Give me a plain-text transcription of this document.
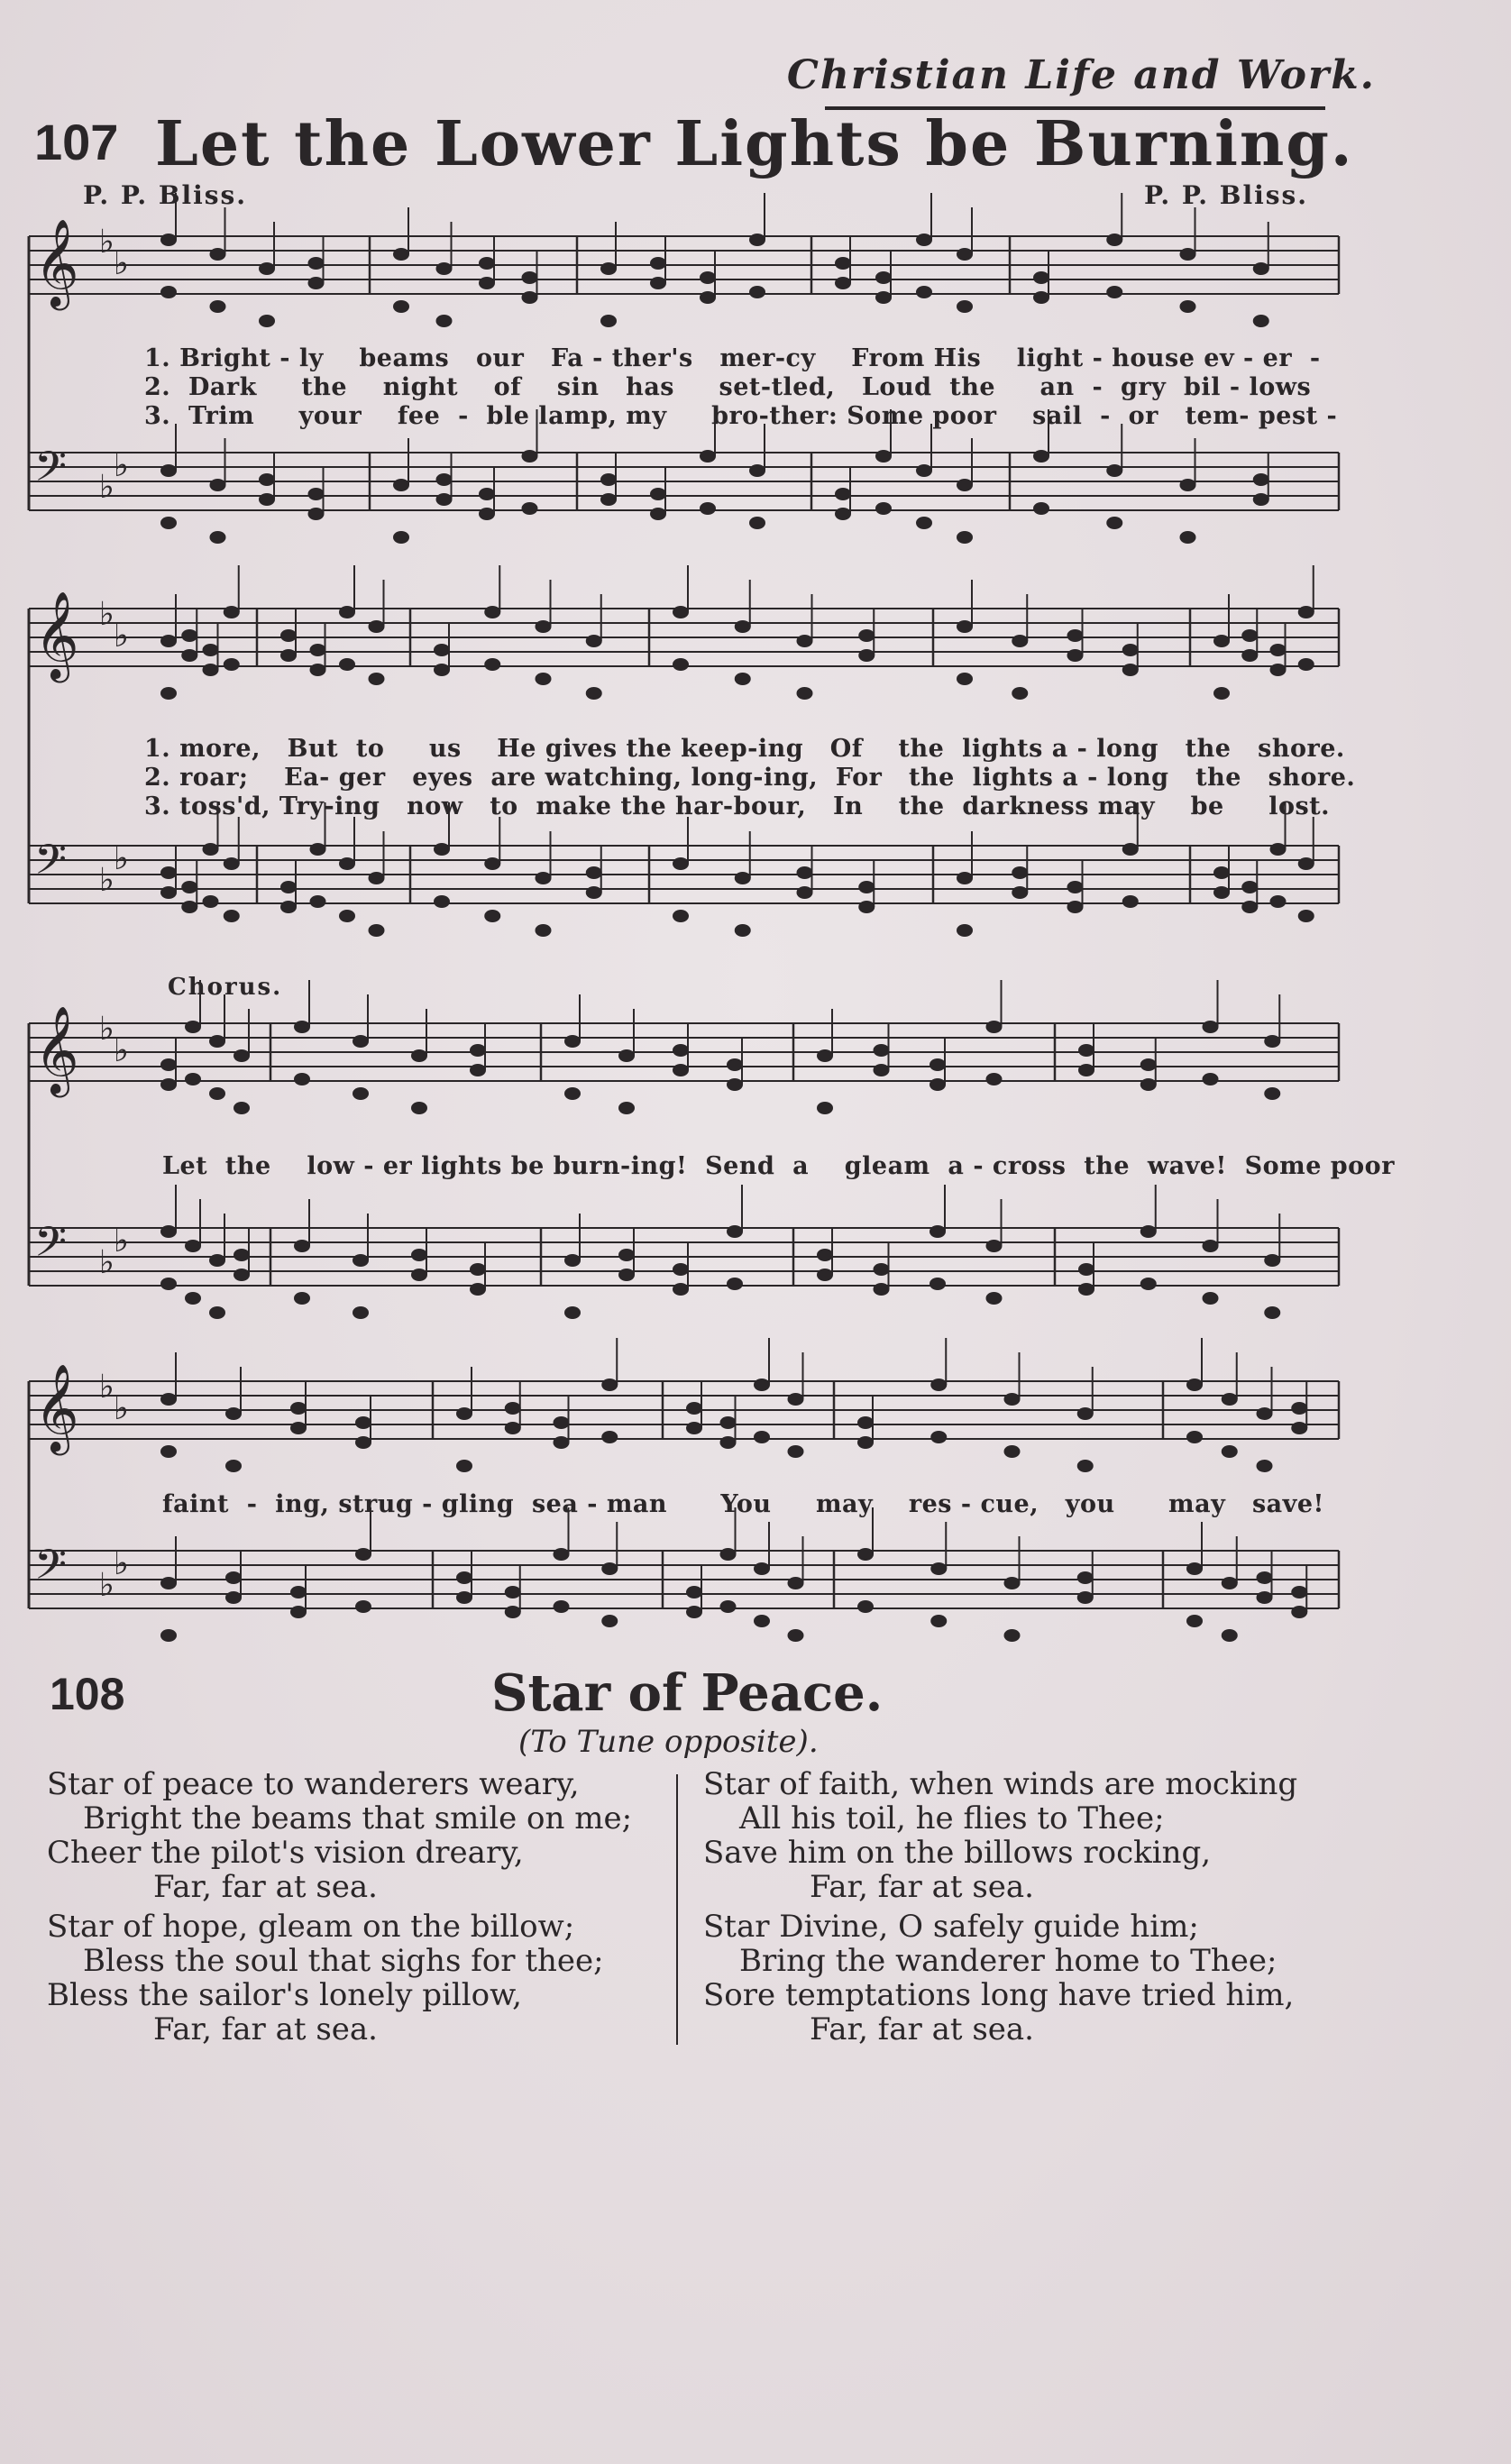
Christian Life and Work.
107 Let the Lower Lights be Burning.
P. P. Bliss.	P. P. Bliss.
𝄞 ♭
♭
𝄢 ♭
♭
𝄞 ♭
♭
𝄢 ♭
♭
𝄞 ♭
♭
𝄢 ♭
♭
𝄞 ♭
♭
𝄢 ♭
♭
1. Bright - ly    beams   our   Fa - ther's   mer-cy    From His    light - house ev - er  -
2.  Dark     the    night    of    sin   has     set-tled,   Loud  the     an  -  gry  bil - lows
3.  Trim     your    fee  -  ble lamp, my     bro-ther: Some poor    sail  -  or   tem- pest -
1. more,   But  to     us    He gives the keep-ing   Of    the  lights a - long   the   shore.
2. roar;    Ea- ger   eyes  are watching, long-ing,  For   the  lights a - long   the   shore.
3. toss'd, Try-ing   now   to  make the har-bour,   In    the  darkness may    be     lost.
Chorus.
Let  the    low - er lights be burn-ing!  Send  a    gleam  a - cross  the  wave!  Some poor
faint  -  ing, strug - gling  sea - man      You     may    res - cue,   you      may   save!
108	Star of Peace.
(To Tune opposite).
Star of peace to wanderers weary,
Bright the beams that smile on me;
Cheer the pilot's vision dreary,
Far, far at sea.
Star of hope, gleam on the billow;
Bless the soul that sighs for thee;
Bless the sailor's lonely pillow,
Far, far at sea.
Star of faith, when winds are mocking
All his toil, he flies to Thee;
Save him on the billows rocking,
Far, far at sea.
Star Divine, O safely guide him;
Bring the wanderer home to Thee;
Sore temptations long have tried him,
Far, far at sea.
